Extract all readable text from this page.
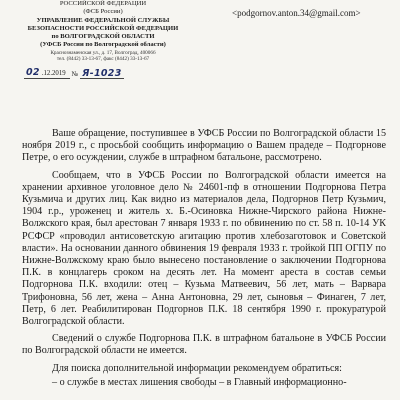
РОССИЙСКОЙ ФЕДЕРАЦИИ
(ФСБ России)
УПРАВЛЕНИЕ ФЕДЕРАЛЬНОЙ СЛУЖБЫ
БЕЗОПАСНОСТИ РОССИЙСКОЙ ФЕДЕРАЦИИ
по ВОЛГОГРАДСКОЙ ОБЛАСТИ
(УФСБ России по Волгоградской области)
Краснознаменская ул., д. 17, Волгоград, 400066
тел. (8442) 33-13-67, факс (8442) 33-13-67
02 .12.2019 № Я-1023
<podgornov.anton.34@gmail.com>

Ваше обращение, поступившее в УФСБ России по Волгоградской области 15 ноября 2019 г., с просьбой сообщить информацию о Вашем прадеде – Подгорнове Петре, о его осуждении, службе в штрафном батальоне, рассмотрено.

Сообщаем, что в УФСБ России по Волгоградской области имеется на хранении архивное уголовное дело № 24601-пф в отношении Подгорнова Петра Кузьмича и других лиц. Как видно из материалов дела, Подгорнов Петр Кузьмич, 1904 г.р., уроженец и житель х. Б.-Осиновка Нижне-Чирского района Нижне-Волжского края, был арестован 7 января 1933 г. по обвинению по ст. 58 п. 10-14 УК РСФСР «проводил антисоветскую агитацию против хлебозаготовок и Советской власти». На основании данного обвинения 19 февраля 1933 г. тройкой ПП ОГПУ по Нижне-Волжскому краю было вынесено постановление о заключении Подгорнова П.К. в концлагерь сроком на десять лет. На момент ареста в состав семьи Подгорнова П.К. входили: отец – Кузьма Матвеевич, 56 лет, мать – Варвара Трифоновна, 56 лет, жена – Анна Антоновна, 29 лет, сыновья – Финаген, 7 лет, Петр, 6 лет. Реабилитирован Подгорнов П.К. 18 сентября 1990 г. прокуратурой Волгоградской области.

Сведений о службе Подгорнова П.К. в штрафном батальоне в УФСБ России по Волгоградской области не имеется.

Для поиска дополнительной информации рекомендуем обратиться:

– о службе в местах лишения свободы – в Главный информационно-
